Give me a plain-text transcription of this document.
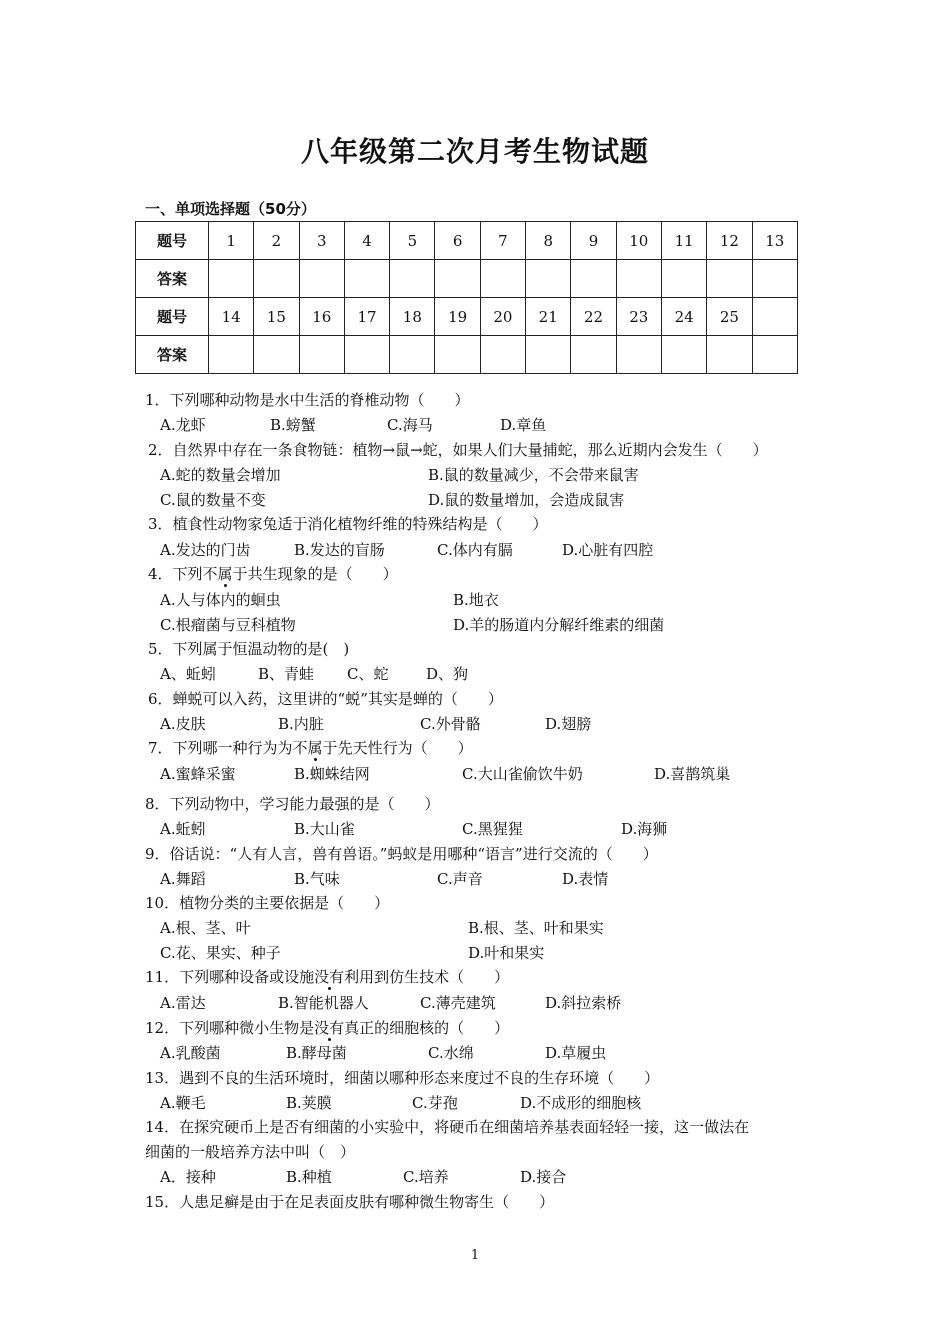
八年级第二次月考生物试题
一、单项选择题（50分）
题号	1	2	3	4	5	6	7	8	9	10	11	12	13
答案													
题号	14	15	16	17	18	19	20	21	22	23	24	25	
答案													
1．下列哪种动物是水中生活的脊椎动物（　　）
A.龙虾	B.螃蟹	C.海马	D.章鱼
2．自然界中存在一条食物链：植物→鼠→蛇，如果人们大量捕蛇，那么近期内会发生（　　）
A.蛇的数量会增加	B.鼠的数量减少，不会带来鼠害
C.鼠的数量不变	D.鼠的数量增加，会造成鼠害
3．植食性动物家兔适于消化植物纤维的特殊结构是（　　）
A.发达的门齿	B.发达的盲肠	C.体内有膈	D.心脏有四腔
4．下列不属于共生现象的是（　　）
A.人与体内的蛔虫	B.地衣
C.根瘤菌与豆科植物	D.羊的肠道内分解纤维素的细菌
5．下列属于恒温动物的是(　)
A、蚯蚓	B、青蛙 C、蛇	D、狗
6．蝉蜕可以入药，这里讲的“蜕”其实是蝉的（　　）
A.皮肤	B.内脏	C.外骨骼	D.翅膀
7．下列哪一种行为为不属于先天性行为（　　）
A.蜜蜂采蜜	B.蜘蛛结网	C.大山雀偷饮牛奶	D.喜鹊筑巢
8．下列动物中，学习能力最强的是（　　）
A.蚯蚓	B.大山雀	C.黑猩猩	D.海狮
9．俗话说：“人有人言，兽有兽语。”蚂蚁是用哪种“语言”进行交流的（　　）
A.舞蹈	B.气味	C.声音	D.表情
10．植物分类的主要依据是（　　）
A.根、茎、叶	B.根、茎、叶和果实
C.花、果实、种子	D.叶和果实
11．下列哪种设备或设施没有利用到仿生技术（　　）
A.雷达	B.智能机器人	C.薄壳建筑	D.斜拉索桥
12．下列哪种微小生物是没有真正的细胞核的（　　）
A.乳酸菌	B.酵母菌	C.水绵	D.草履虫
13．遇到不良的生活环境时，细菌以哪种形态来度过不良的生存环境（　　）
A.鞭毛	B.荚膜	C.芽孢	D.不成形的细胞核
14．在探究硬币上是否有细菌的小实验中，将硬币在细菌培养基表面轻轻一接，这一做法在
细菌的一般培养方法中叫（　）
A．接种	B.种植	C.培养	D.接合
15．人患足癣是由于在足表面皮肤有哪种微生物寄生（　　）
1
